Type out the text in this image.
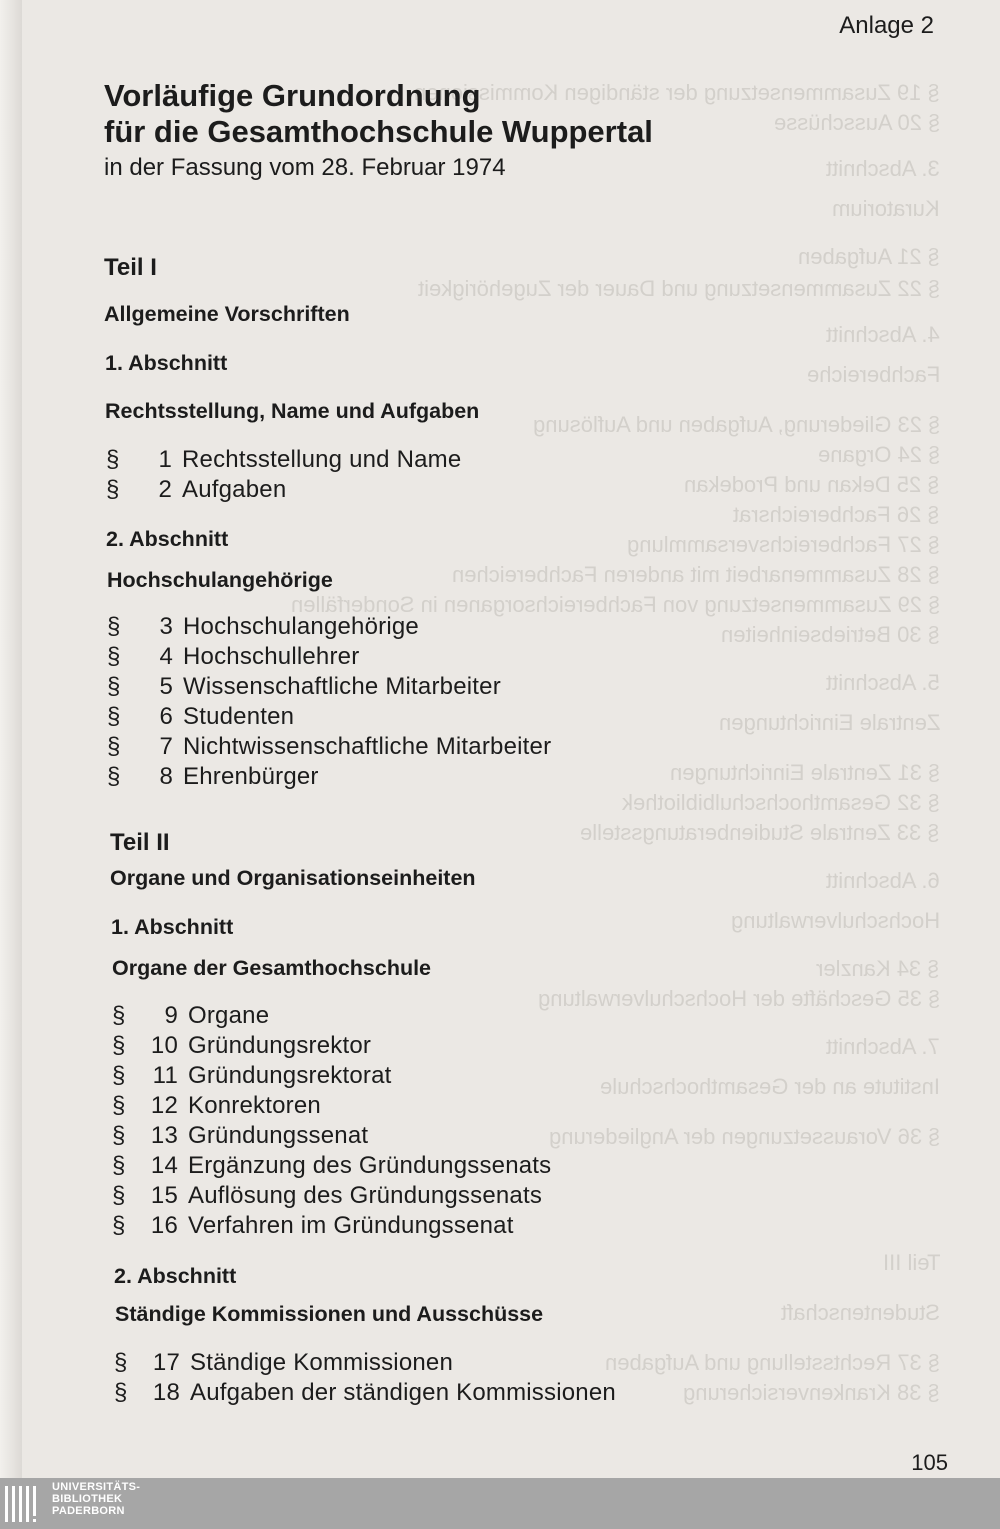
§ 19 Zusammensetzung der ständigen Kommissionen
§ 20 Ausschüsse
3. Abschnitt
Kuratorium
§ 21 Aufgaben
§ 22 Zusammensetzung und Dauer der Zugehörigkeit
4. Abschnitt
Fachbereiche
§ 23 Gliederung, Aufgaben und Auflösung
§ 24 Organe
§ 25 Dekan und Prodekan
§ 26 Fachbereichsrat
§ 27 Fachbereichsversammlung
§ 28 Zusammenarbeit mit anderen Fachbereichen
§ 29 Zusammensetzung von Fachbereichsorganen in Sonderfällen
§ 30 Betriebseinheiten
5. Abschnitt
Zentrale Einrichtungen
§ 31 Zentrale Einrichtungen
§ 32 Gesamthochschulbibliothek
§ 33 Zentrale Studienberatungsstelle
6. Abschnitt
Hochschulverwaltung
§ 34 Kanzler
§ 35 Geschäfte der Hochschulverwaltung
7. Abschnitt
Institute an der Gesamthochschule
§ 36 Voraussetzungen der Angliederung
Teil III
Studentenschaft
§ 37 Rechtsstellung und Aufgaben
§ 38 Krankenversicherung
Anlage 2
Vorläufige Grundordnung
für die Gesamthochschule Wuppertal
in der Fassung vom 28. Februar 1974
Teil I
Allgemeine Vorschriften
1. Abschnitt
Rechtsstellung, Name und Aufgaben
§ 1 Rechtsstellung und Name
§ 2 Aufgaben
2. Abschnitt
Hochschulangehörige
§ 3 Hochschulangehörige
§ 4 Hochschullehrer
§ 5 Wissenschaftliche Mitarbeiter
§ 6 Studenten
§ 7 Nichtwissenschaftliche Mitarbeiter
§ 8 Ehrenbürger
Teil II
Organe und Organisationseinheiten
1. Abschnitt
Organe der Gesamthochschule
§ 9 Organe
§ 10 Gründungsrektor
§ 11 Gründungsrektorat
§ 12 Konrektoren
§ 13 Gründungssenat
§ 14 Ergänzung des Gründungssenats
§ 15 Auflösung des Gründungssenats
§ 16 Verfahren im Gründungssenat
2. Abschnitt
Ständige Kommissionen und Ausschüsse
§ 17 Ständige Kommissionen
§ 18 Aufgaben der ständigen Kommissionen
105
UNIVERSITÄTS-
BIBLIOTHEK
PADERBORN
